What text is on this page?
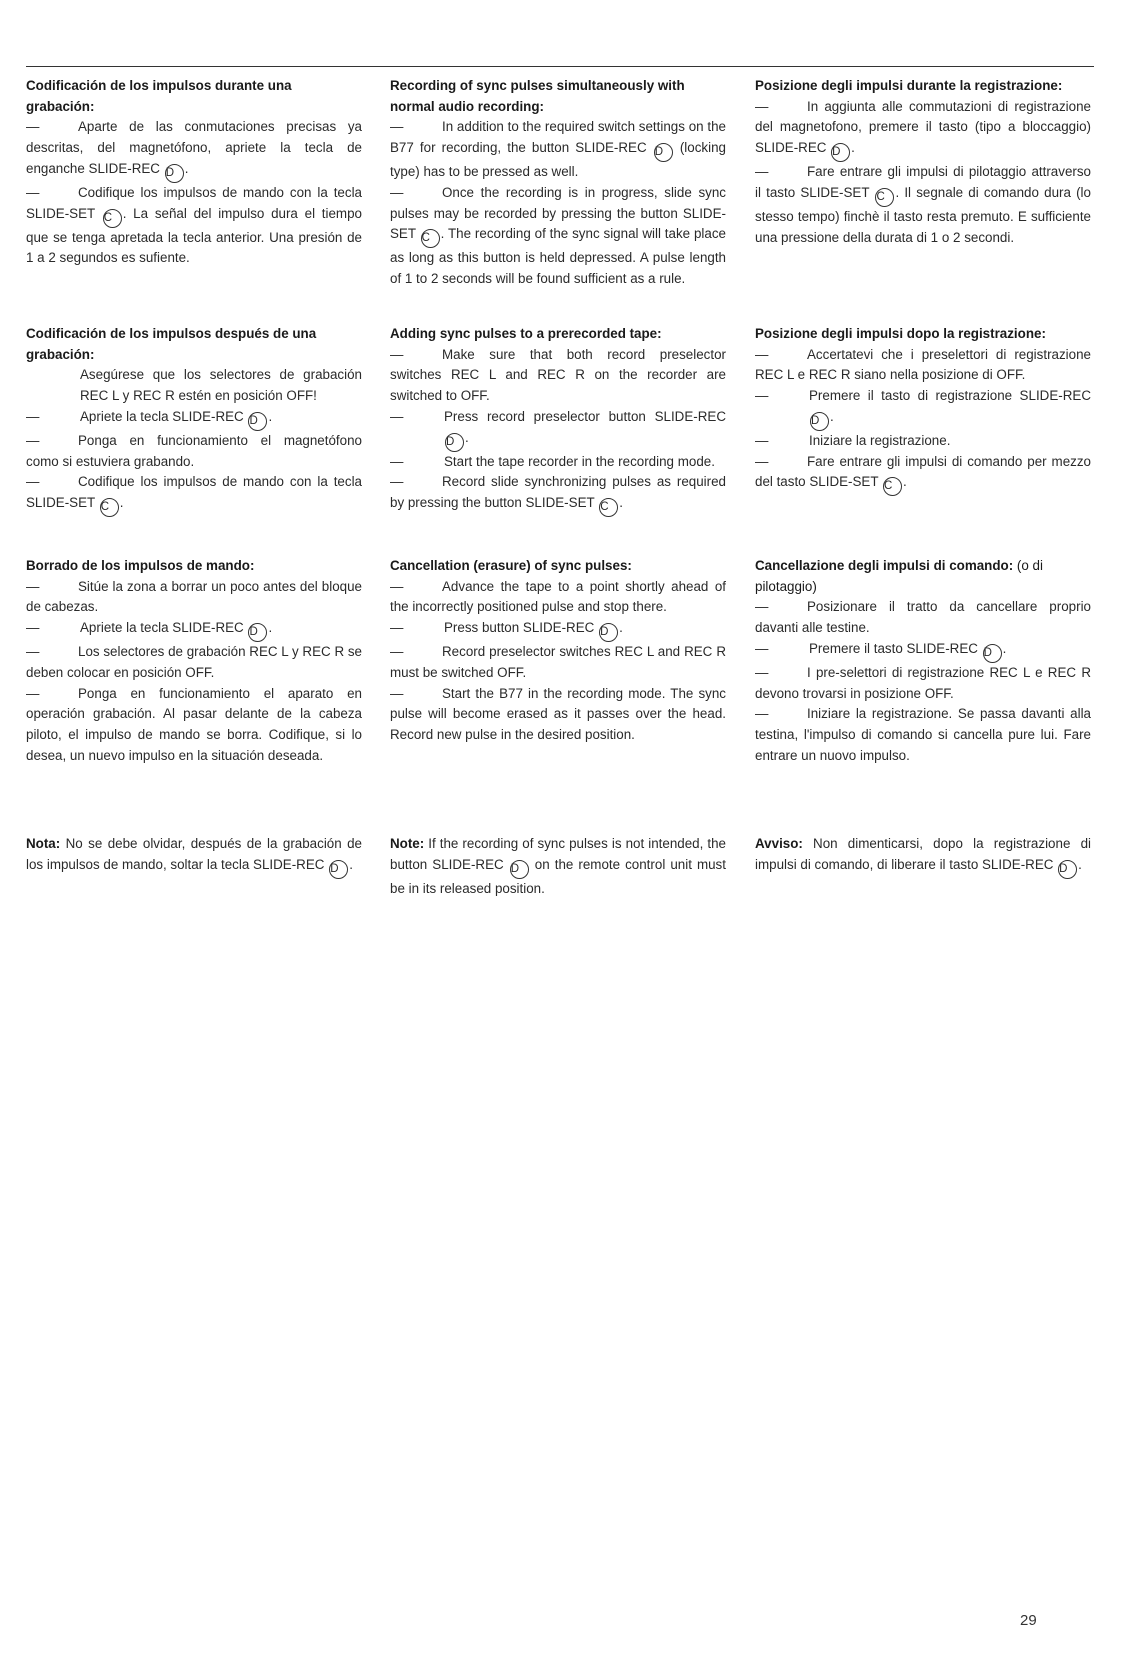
Codificación de los impulsos durante una grabación:
—	Aparte de las conmutaciones precisas ya descritas, del magnetófono, apriete la tecla de enganche SLIDE-REC D .
—	Codifique los impulsos de mando con la tecla SLIDE-SET C . La señal del impulso dura el tiempo que se tenga apretada la tecla anterior. Una presión de 1 a 2 segundos es sufiente.
Codificación de los impulsos después de una grabación:
Asegúrese que los selectores de grabación REC L y REC R estén en posición OFF!
—	Apriete la tecla SLIDE-REC D .
—	Ponga en funcionamiento el magnetófono como si estuviera grabando.
—	Codifique los impulsos de mando con la tecla SLIDE-SET C .
Borrado de los impulsos de mando:
—	Sitúe la zona a borrar un poco antes del bloque de cabezas.
—	Apriete la tecla SLIDE-REC D .
—	Los selectores de grabación REC L y REC R se deben colocar en posición OFF.
—	Ponga en funcionamiento el aparato en operación grabación. Al pasar delante de la cabeza piloto, el impulso de mando se borra. Codifique, si lo desea, un nuevo impulso en la situación deseada.
Nota: No se debe olvidar, después de la grabación de los impulsos de mando, soltar la tecla SLIDE-REC D .
Recording of sync pulses simultaneously with normal audio recording:
—	In addition to the required switch settings on the B77 for recording, the button SLIDE-REC D (locking type) has to be pressed as well.
—	Once the recording is in progress, slide sync pulses may be recorded by pressing the button SLIDE-SET C . The recording of the sync signal will take place as long as this button is held depressed. A pulse length of 1 to 2 seconds will be found sufficient as a rule.
Adding sync pulses to a prerecorded tape:
—	Make sure that both record preselector switches REC L and REC R on the recorder are switched to OFF.
—	Press record preselector button SLIDE-REC D .
—	Start the tape recorder in the recording mode.
—	Record slide synchronizing pulses as required by pressing the button SLIDE-SET C .
Cancellation (erasure) of sync pulses:
—	Advance the tape to a point shortly ahead of the incorrectly positioned pulse and stop there.
—	Press button SLIDE-REC D .
—	Record preselector switches REC L and REC R must be switched OFF.
—	Start the B77 in the recording mode. The sync pulse will become erased as it passes over the head. Record new pulse in the desired position.
Note: If the recording of sync pulses is not intended, the button SLIDE-REC D on the remote control unit must be in its released position.
Posizione degli impulsi durante la registrazione:
—	In aggiunta alle commutazioni di registrazione del magnetofono, premere il tasto (tipo a bloccaggio) SLIDE-REC D .
—	Fare entrare gli impulsi di pilotaggio attraverso il tasto SLIDE-SET C . Il segnale di comando dura (lo stesso tempo) finchè il tasto resta premuto. E sufficiente una pressione della durata di 1 o 2 secondi.
Posizione degli impulsi dopo la registrazione:
—	Accertatevi che i preselettori di registrazione REC L e REC R siano nella posizione di OFF.
—	Premere il tasto di registrazione SLIDE-REC D .
—	Iniziare la registrazione.
—	Fare entrare gli impulsi di comando per mezzo del tasto SLIDE-SET C .
Cancellazione degli impulsi di comando: (o di pilotaggio)
—	Posizionare il tratto da cancellare proprio davanti alle testine.
—	Premere il tasto SLIDE-REC D .
—	I pre-selettori di registrazione REC L e REC R devono trovarsi in posizione OFF.
—	Iniziare la registrazione. Se passa davanti alla testina, l'impulso di comando si cancella pure lui. Fare entrare un nuovo impulso.
Avviso: Non dimenticarsi, dopo la registrazione di impulsi di comando, di liberare il tasto SLIDE-REC D .
29
